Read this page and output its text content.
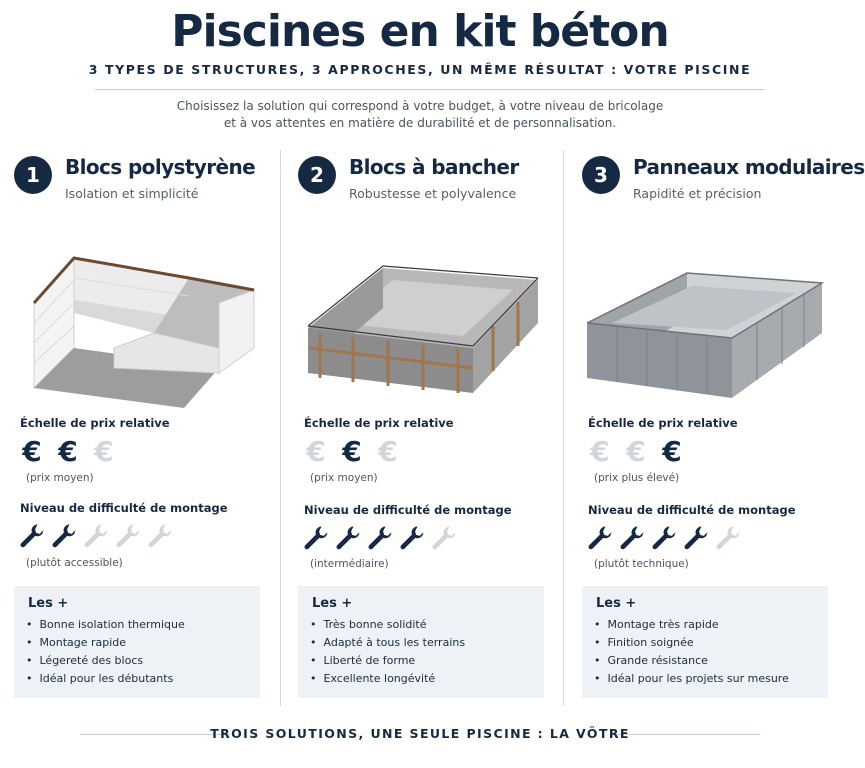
Piscines en kit béton
3 TYPES DE STRUCTURES, 3 APPROCHES, UN MÊME RÉSULTAT : VOTRE PISCINE
Choisissez la solution qui correspond à votre budget, à votre niveau de bricolage
et à vos attentes en matière de durabilité et de personnalisation.
1	Blocs polystyrène
Isolation et simplicité
Échelle de prix relative
€ € €
(prix moyen)
Niveau de difficulté de montage
(plutôt accessible)
Les +
• Bonne isolation thermique
• Montage rapide
• Légereté des blocs
• Idéal pour les débutants
2	Blocs à bancher
Robustesse et polyvalence
Échelle de prix relative
€ € €
(prix moyen)
Niveau de difficulté de montage
(intermédiaire)
Les +
• Très bonne solidité
• Adapté à tous les terrains
• Liberté de forme
• Excellente longévité
3	Panneaux modulaires
Rapidité et précision
Échelle de prix relative
€ € €
(prix plus élevé)
Niveau de difficulté de montage
(plutôt technique)
Les +
• Montage très rapide
• Finition soignée
• Grande résistance
• Idéal pour les projets sur mesure
TROIS SOLUTIONS, UNE SEULE PISCINE : LA VÔTRE
